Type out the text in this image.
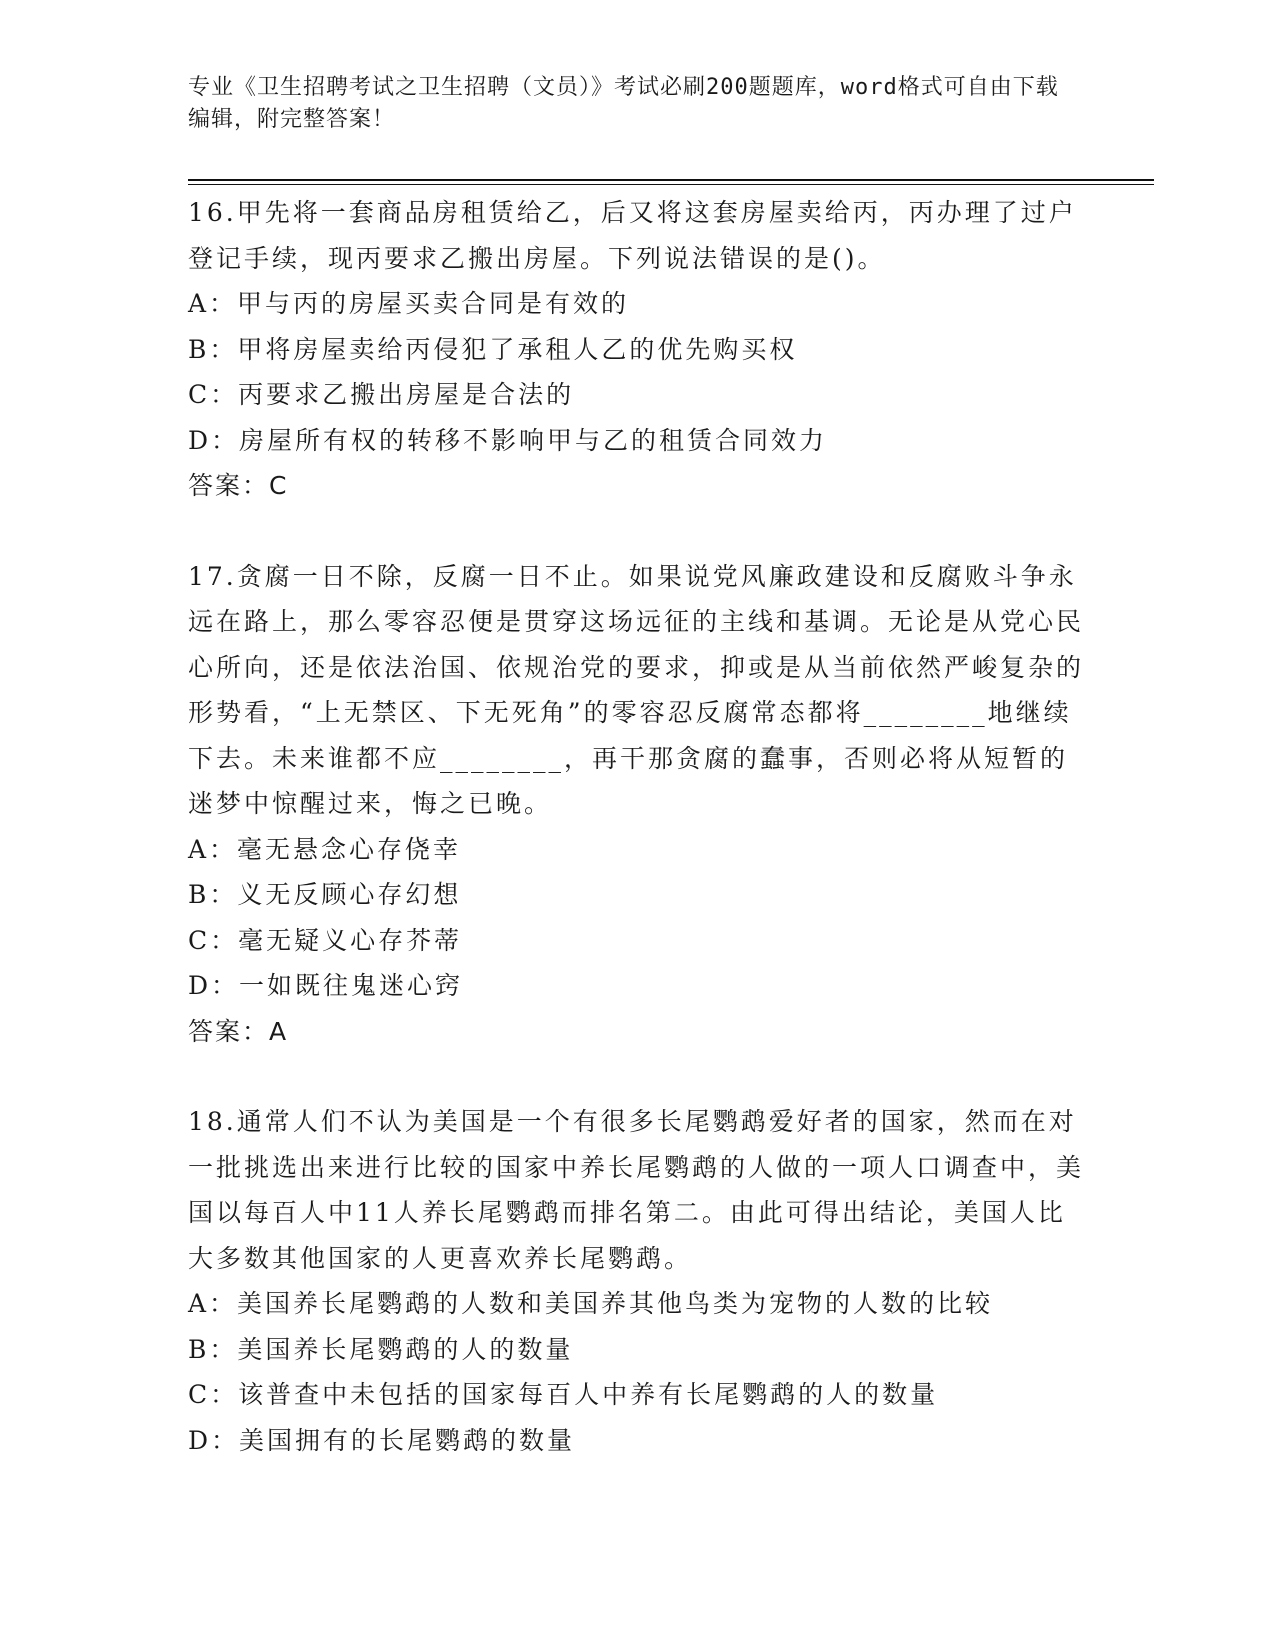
专业《卫生招聘考试之卫生招聘（文员）》考试必刷200题题库，word格式可自由下载编辑，附完整答案！
16.甲先将一套商品房租赁给乙，后又将这套房屋卖给丙，丙办理了过户登记手续，现丙要求乙搬出房屋。下列说法错误的是()。
A：甲与丙的房屋买卖合同是有效的
B：甲将房屋卖给丙侵犯了承租人乙的优先购买权
C：丙要求乙搬出房屋是合法的
D：房屋所有权的转移不影响甲与乙的租赁合同效力
答案：C
17.贪腐一日不除，反腐一日不止。如果说党风廉政建设和反腐败斗争永远在路上，那么零容忍便是贯穿这场远征的主线和基调。无论是从党心民心所向，还是依法治国、依规治党的要求，抑或是从当前依然严峻复杂的形势看，“上无禁区、下无死角”的零容忍反腐常态都将________地继续下去。未来谁都不应________，再干那贪腐的蠢事，否则必将从短暂的迷梦中惊醒过来，悔之已晚。
A：毫无悬念心存侥幸
B：义无反顾心存幻想
C：毫无疑义心存芥蒂
D：一如既往鬼迷心窍
答案：A
18.通常人们不认为美国是一个有很多长尾鹦鹉爱好者的国家，然而在对一批挑选出来进行比较的国家中养长尾鹦鹉的人做的一项人口调查中，美国以每百人中11人养长尾鹦鹉而排名第二。由此可得出结论，美国人比大多数其他国家的人更喜欢养长尾鹦鹉。
A：美国养长尾鹦鹉的人数和美国养其他鸟类为宠物的人数的比较
B：美国养长尾鹦鹉的人的数量
C：该普查中未包括的国家每百人中养有长尾鹦鹉的人的数量
D：美国拥有的长尾鹦鹉的数量
